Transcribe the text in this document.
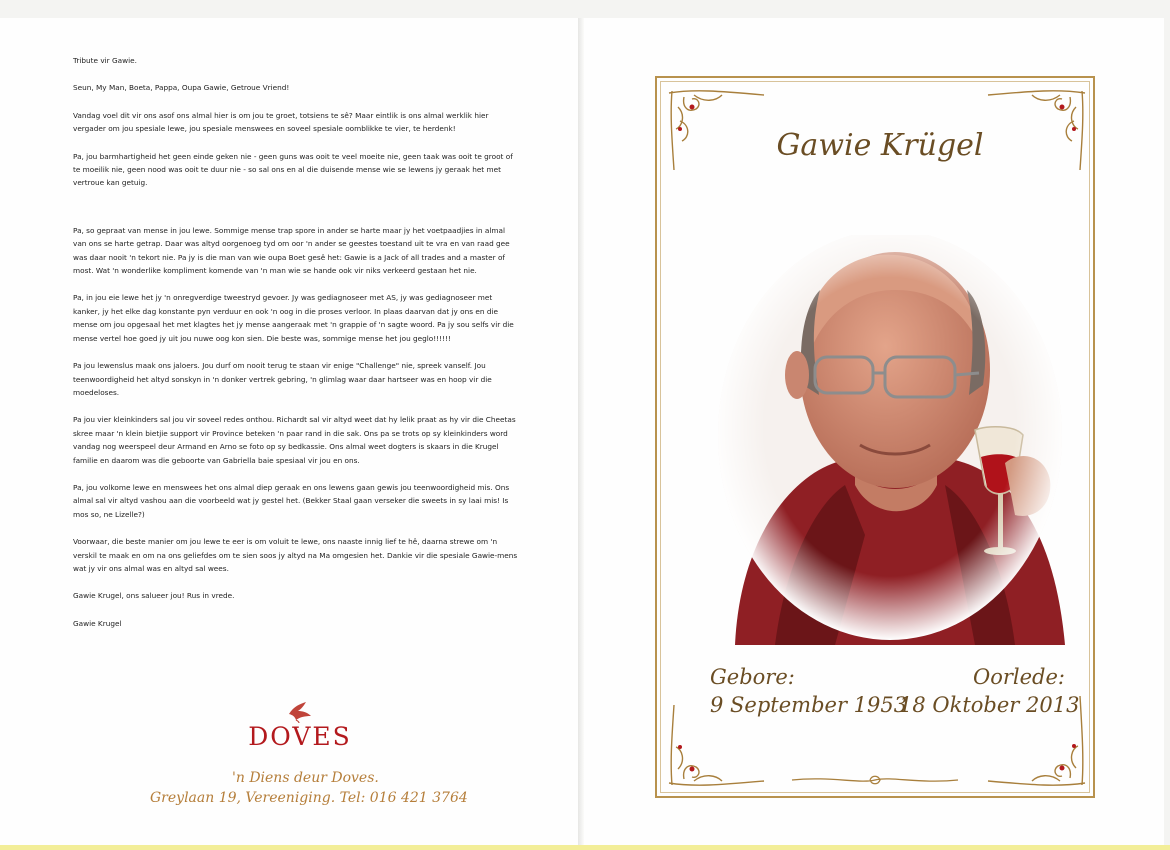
Tribute vir Gawie.

Seun, My Man, Boeta, Pappa, Oupa Gawie, Getroue Vriend!

Vandag voel dit vir ons asof ons almal hier is om jou te groet, totsiens te sê? Maar eintlik is ons almal werklik hier vergader om jou spesiale lewe, jou spesiale menswees en soveel spesiale oomblikke te vier, te herdenk!

Pa, jou barmhartigheid het geen einde geken nie - geen guns was ooit te veel moeite nie, geen taak was ooit te groot of te moeilik nie, geen nood was ooit te duur nie - so sal ons en al die duisende mense wie se lewens jy geraak het met vertroue kan getuig.

Pa, so gepraat van mense in jou lewe. Sommige mense trap spore in ander se harte maar jy het voetpaadjies in almal van ons se harte getrap. Daar was altyd oorgenoeg tyd om oor 'n ander se geestes toestand uit te vra en van raad gee was daar nooit 'n tekort nie. Pa jy is die man van wie oupa Boet gesê het: Gawie is a Jack of all trades and a master of most. Wat 'n wonderlike kompliment komende van 'n man wie se hande ook vir niks verkeerd gestaan het nie.

Pa, in jou eie lewe het jy 'n onregverdige tweestryd gevoer. Jy was gediagnoseer met AS, jy was gediagnoseer met kanker, jy het elke dag konstante pyn verduur en ook 'n oog in die proses verloor. In plaas daarvan dat jy ons en die mense om jou opgesaal het met klagtes het jy mense aangeraak met 'n grappie of 'n sagte woord. Pa jy sou selfs vir die mense vertel hoe goed jy uit jou nuwe oog kon sien. Die beste was, sommige mense het jou geglo!!!!!!

Pa jou lewenslus maak ons jaloers. Jou durf om nooit terug te staan vir enige "Challenge" nie, spreek vanself. Jou teenwoordigheid het altyd sonskyn in 'n donker vertrek gebring, 'n glimlag waar daar hartseer was en hoop vir die moedeloses.

Pa jou vier kleinkinders sal jou vir soveel redes onthou. Richardt sal vir altyd weet dat hy lelik praat as hy vir die Cheetas skree maar 'n klein bietjie support vir Province beteken 'n paar rand in die sak. Ons pa se trots op sy kleinkinders word vandag nog weerspeel deur Armand en Arno se foto op sy bedkassie. Ons almal weet dogters is skaars in die Krugel familie en daarom was die geboorte van Gabriella baie spesiaal vir jou en ons.

Pa, jou volkome lewe en menswees het ons almal diep geraak en ons lewens gaan gewis jou teenwoordigheid mis. Ons almal sal vir altyd vashou aan die voorbeeld wat jy gestel het. (Bekker Staal gaan verseker die sweets in sy laai mis! Is mos so, ne Lizelle?)

Voorwaar, die beste manier om jou lewe te eer is om voluit te lewe, ons naaste innig lief te hê, daarna strewe om 'n verskil te maak en om na ons geliefdes om te sien soos jy altyd na Ma omgesien het. Dankie vir die spesiale Gawie-mens wat jy vir ons almal was en altyd sal wees.

Gawie Krugel, ons salueer jou! Rus in vrede.

Gawie Krugel

DOVES
'n Diens deur Doves.
Greylaan 19, Vereeniging. Tel: 016 421 3764
Gawie Krügel
Gebore:	Oorlede:
9 September 1953
18 Oktober 2013
